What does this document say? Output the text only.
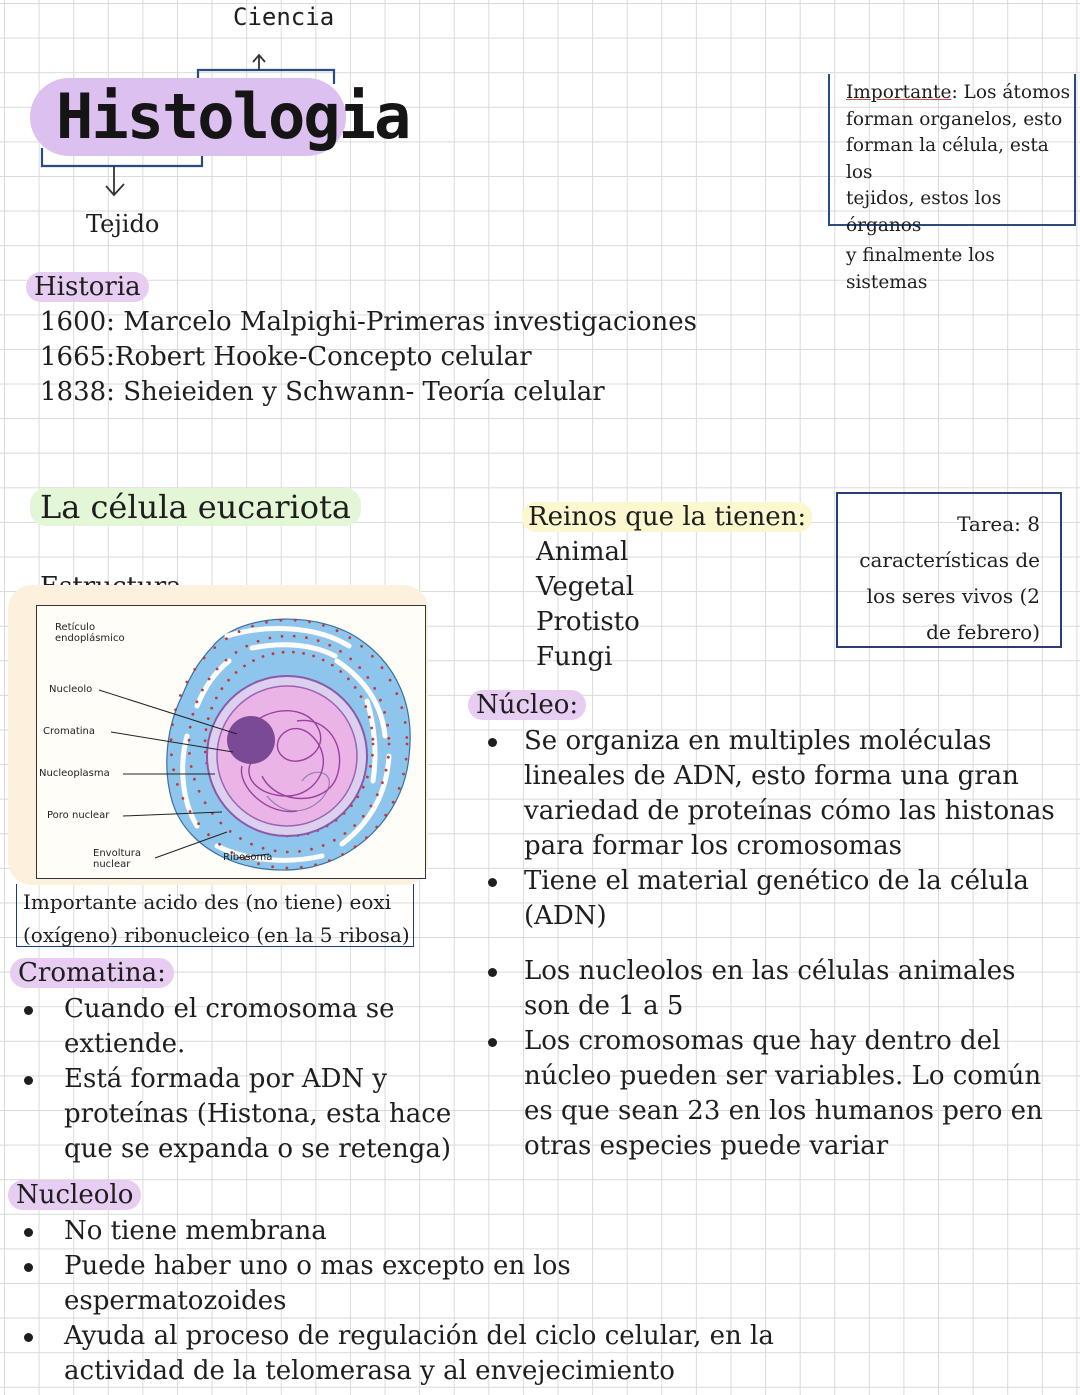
Ciencia
Histologia
Tejido

Importante: Los átomos

forman organelos, esto

forman la célula, esta los

tejidos, estos los órganos

y finalmente los sistemas

Historia
1600: Marcelo Malpighi-Primeras investigaciones
1665:Robert Hooke-Concepto celular
1838: Sheieiden y Schwann- Teoría celular
La célula eucariota
Retículo
endoplásmico
Nucleolo
Cromatina
Nucleoplasma
Poro nuclear
Envoltura
nuclear
Ribosoma

Importante acido des (no tiene) eoxi

(oxígeno) ribonucleico (en la 5 ribosa)

Reinos que la tienen:
Animal
Vegetal
Protisto
Fungi
Tarea: 8
características de
los seres vivos (2
de febrero)
Núcleo:
Se organiza en multiples moléculas
lineales de ADN, esto forma una gran
variedad de proteínas cómo las histonas
para formar los cromosomas
Tiene el material genético de la célula
(ADN)
Los nucleolos en las células animales
son de 1 a 5
Los cromosomas que hay dentro del
núcleo pueden ser variables. Lo común
es que sean 23 en los humanos pero en
otras especies puede variar
Cromatina:
Cuando el cromosoma se
extiende.
Está formada por ADN y
proteínas (Histona, esta hace
que se expanda o se retenga)
Nucleolo
No tiene membrana
Puede haber uno o mas excepto en los
espermatozoides
Ayuda al proceso de regulación del ciclo celular, en la
actividad de la telomerasa y al envejecimiento
